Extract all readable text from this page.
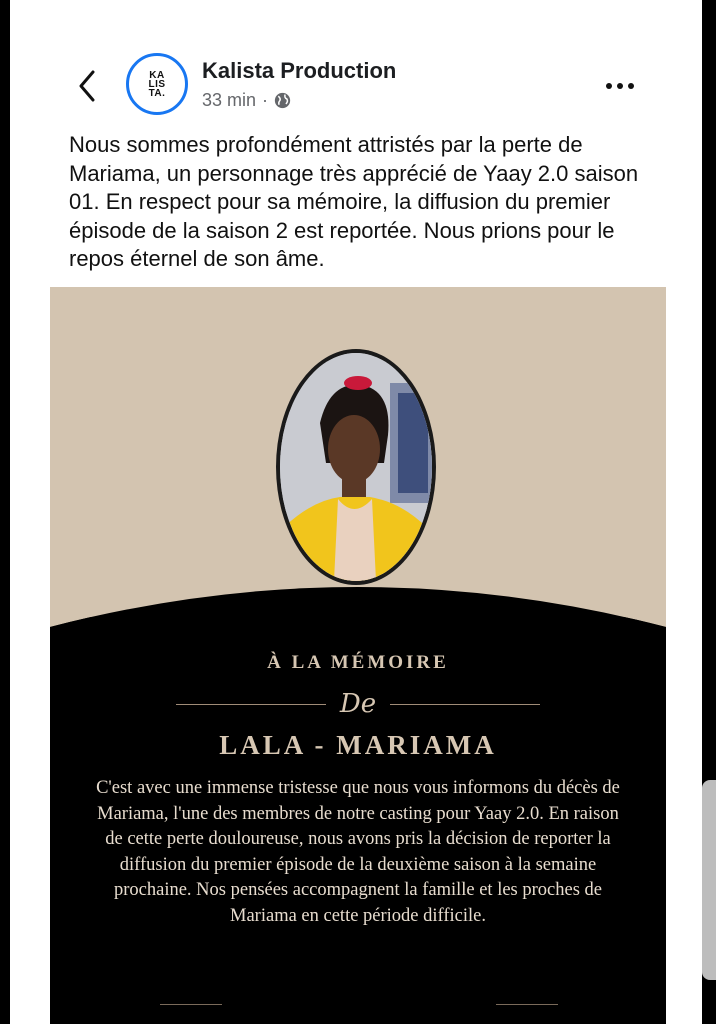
KA
LIS
TA.
Kalista Production
33 min ·
Nous sommes profondément attristés par la perte de Mariama, un personnage très apprécié de Yaay 2.0 saison 01. En respect pour sa mémoire, la diffusion du premier épisode de la saison 2 est reportée. Nous prions pour le repos éternel de son âme.
À LA MÉMOIRE
De
LALA - MARIAMA
C'est avec une immense tristesse que nous vous informons du décès de Mariama, l'une des membres de notre casting pour Yaay 2.0. En raison de cette perte douloureuse, nous avons pris la décision de reporter la diffusion du premier épisode de la deuxième saison à la semaine prochaine. Nos pensées accompagnent la famille et les proches de Mariama en cette période difficile.
